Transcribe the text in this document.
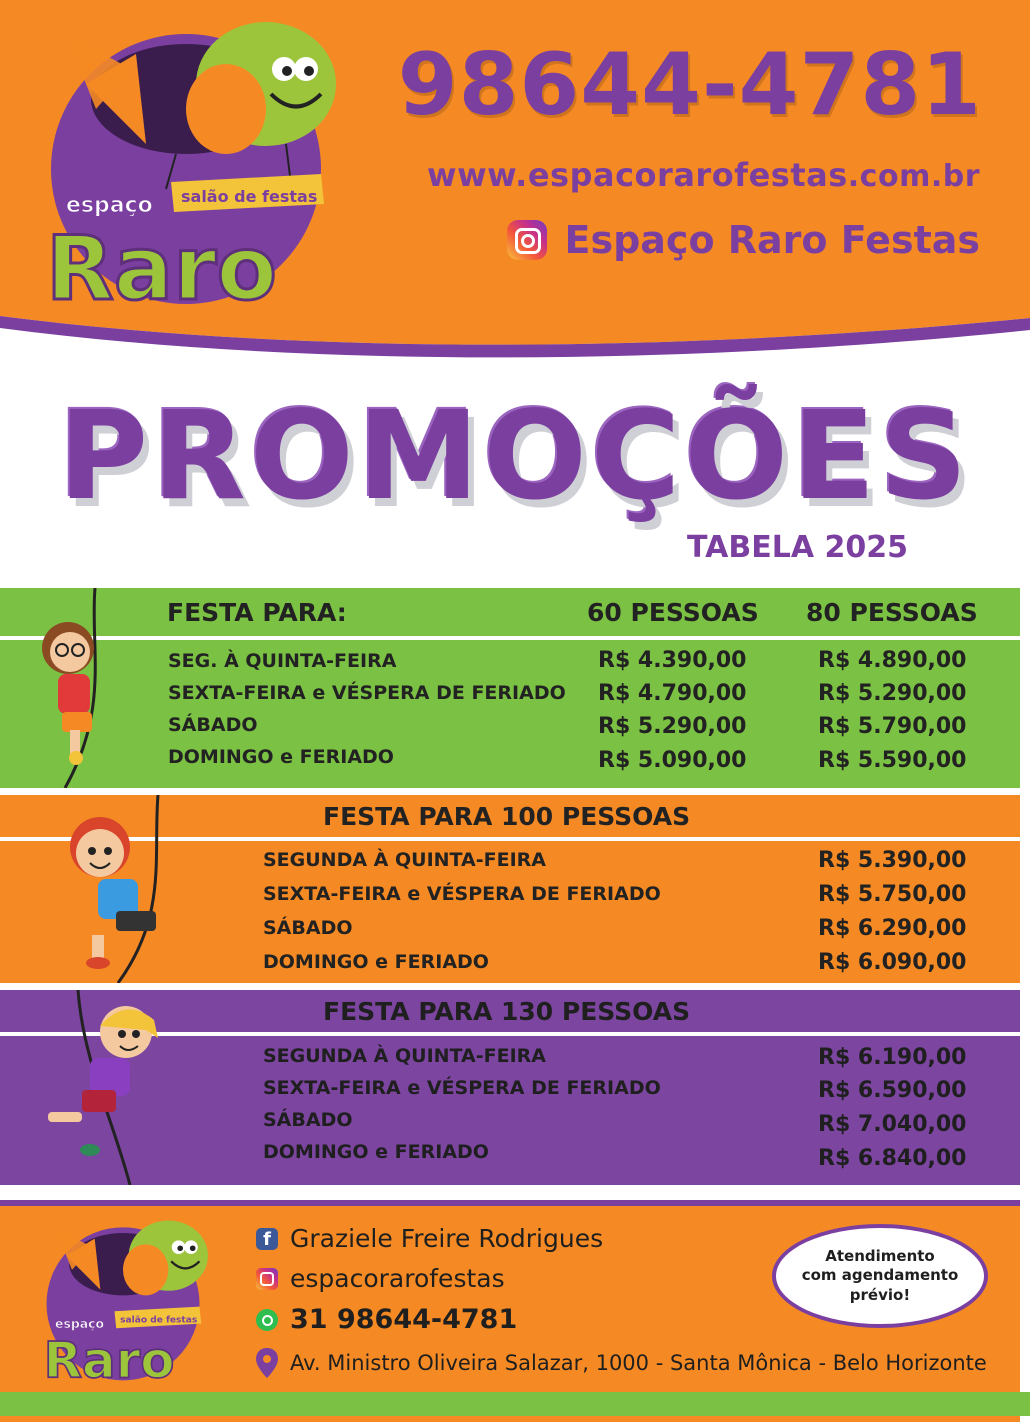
salão de festas
espaço
Raro
98644-4781
www.espacorarofestas.com.br
Espaço Raro Festas
PROMOÇÕES
TABELA 2025
FESTA PARA:	60 PESSOAS 80 PESSOAS
SEG. À QUINTA-FEIRA	R$ 4.390,00	R$ 4.890,00
SEXTA-FEIRA e VÉSPERA DE FERIADO R$ 4.790,00	R$ 5.290,00
SÁBADO	R$ 5.290,00	R$ 5.790,00
DOMINGO e FERIADO	R$ 5.090,00	R$ 5.590,00
FESTA PARA 100 PESSOAS
SEGUNDA À QUINTA-FEIRA	R$ 5.390,00
SEXTA-FEIRA e VÉSPERA DE FERIADO	R$ 5.750,00
SÁBADO	R$ 6.290,00
DOMINGO e FERIADO	R$ 6.090,00
FESTA PARA 130 PESSOAS
SEGUNDA À QUINTA-FEIRA	R$ 6.190,00
SEXTA-FEIRA e VÉSPERA DE FERIADO	R$ 6.590,00
SÁBADO	R$ 7.040,00
DOMINGO e FERIADO	R$ 6.840,00
salão de festas
espaço
Raro
f Graziele Freire Rodrigues
espacorarofestas
31 98644-4781
Av. Ministro Oliveira Salazar, 1000 - Santa Mônica - Belo Horizonte
Atendimento
com agendamento
prévio!
